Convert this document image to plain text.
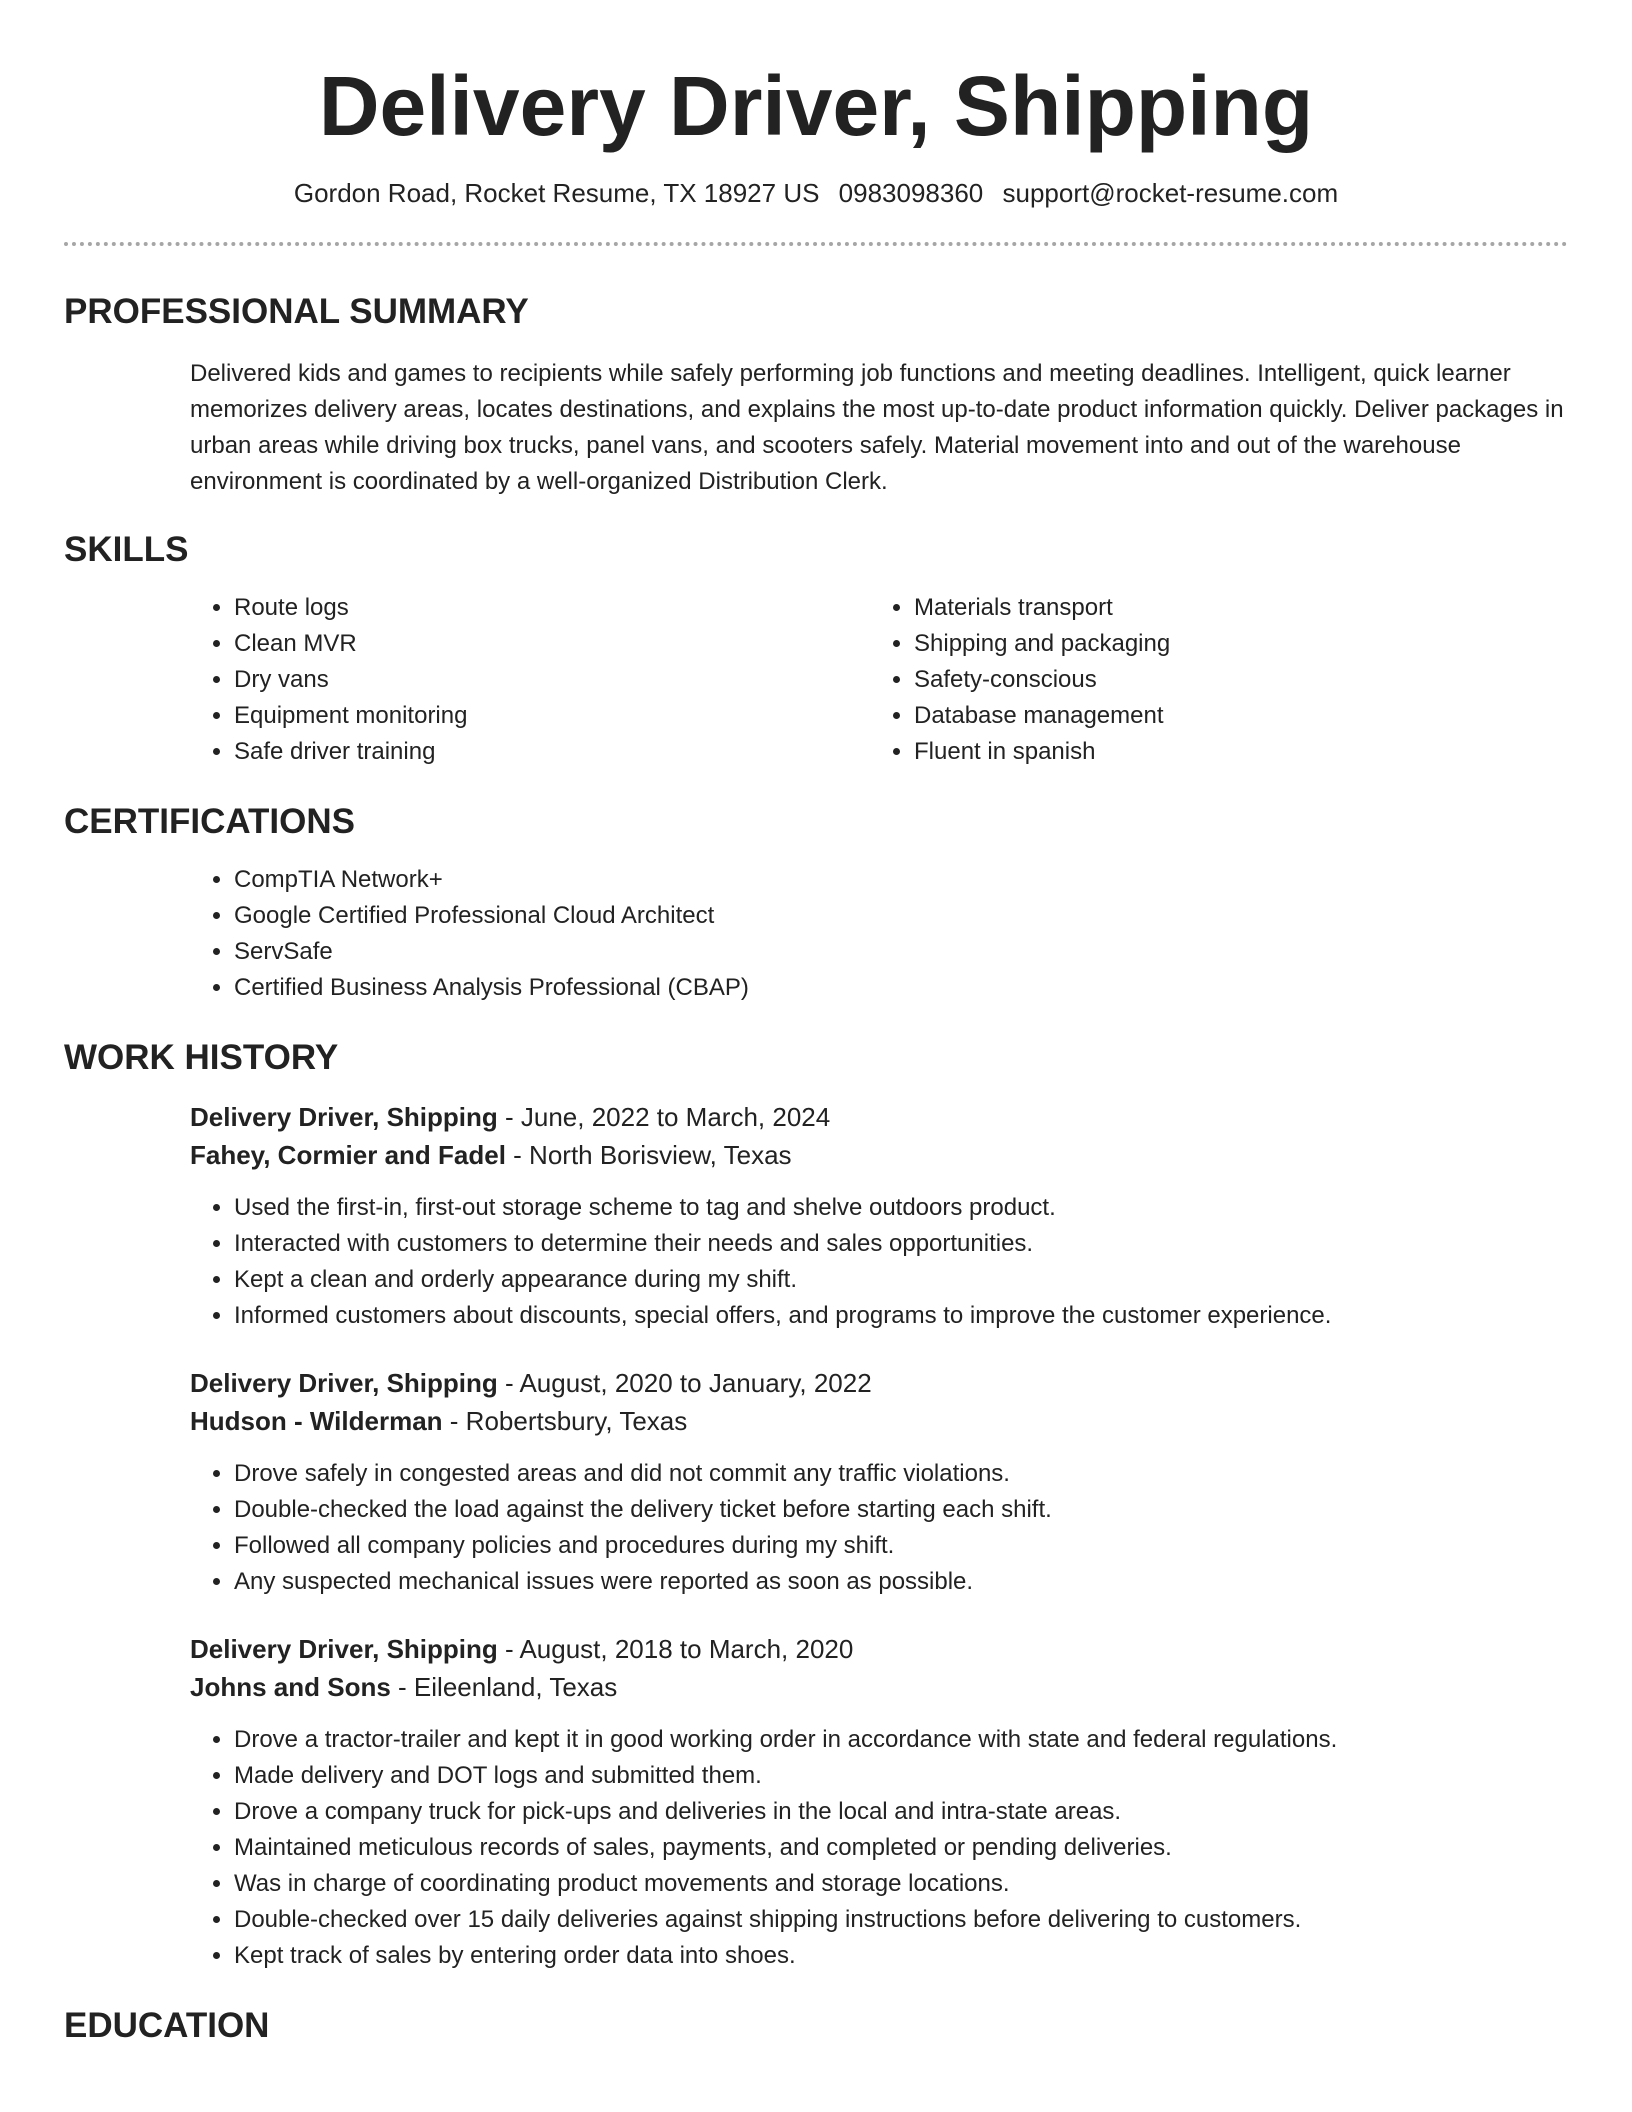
Delivery Driver, Shipping
Gordon Road, Rocket Resume, TX 18927 US 0983098360 support@rocket-resume.com
PROFESSIONAL SUMMARY
Delivered kids and games to recipients while safely performing job functions and meeting deadlines. Intelligent, quick learner memorizes delivery areas, locates destinations, and explains the most up-to-date product information quickly. Deliver packages in urban areas while driving box trucks, panel vans, and scooters safely. Material movement into and out of the warehouse environment is coordinated by a well-organized Distribution Clerk.
SKILLS
• Route logs
• Clean MVR
• Dry vans
• Equipment monitoring
• Safe driver training
• Materials transport
• Shipping and packaging
• Safety-conscious
• Database management
• Fluent in spanish
CERTIFICATIONS
• CompTIA Network+
• Google Certified Professional Cloud Architect
• ServSafe
• Certified Business Analysis Professional (CBAP)
WORK HISTORY
Delivery Driver, Shipping - June, 2022 to March, 2024
Fahey, Cormier and Fadel - North Borisview, Texas
• Used the first-in, first-out storage scheme to tag and shelve outdoors product.
• Interacted with customers to determine their needs and sales opportunities.
• Kept a clean and orderly appearance during my shift.
• Informed customers about discounts, special offers, and programs to improve the customer experience.
Delivery Driver, Shipping - August, 2020 to January, 2022
Hudson - Wilderman - Robertsbury, Texas
• Drove safely in congested areas and did not commit any traffic violations.
• Double-checked the load against the delivery ticket before starting each shift.
• Followed all company policies and procedures during my shift.
• Any suspected mechanical issues were reported as soon as possible.
Delivery Driver, Shipping - August, 2018 to March, 2020
Johns and Sons - Eileenland, Texas
• Drove a tractor-trailer and kept it in good working order in accordance with state and federal regulations.
• Made delivery and DOT logs and submitted them.
• Drove a company truck for pick-ups and deliveries in the local and intra-state areas.
• Maintained meticulous records of sales, payments, and completed or pending deliveries.
• Was in charge of coordinating product movements and storage locations.
• Double-checked over 15 daily deliveries against shipping instructions before delivering to customers.
• Kept track of sales by entering order data into shoes.
EDUCATION
